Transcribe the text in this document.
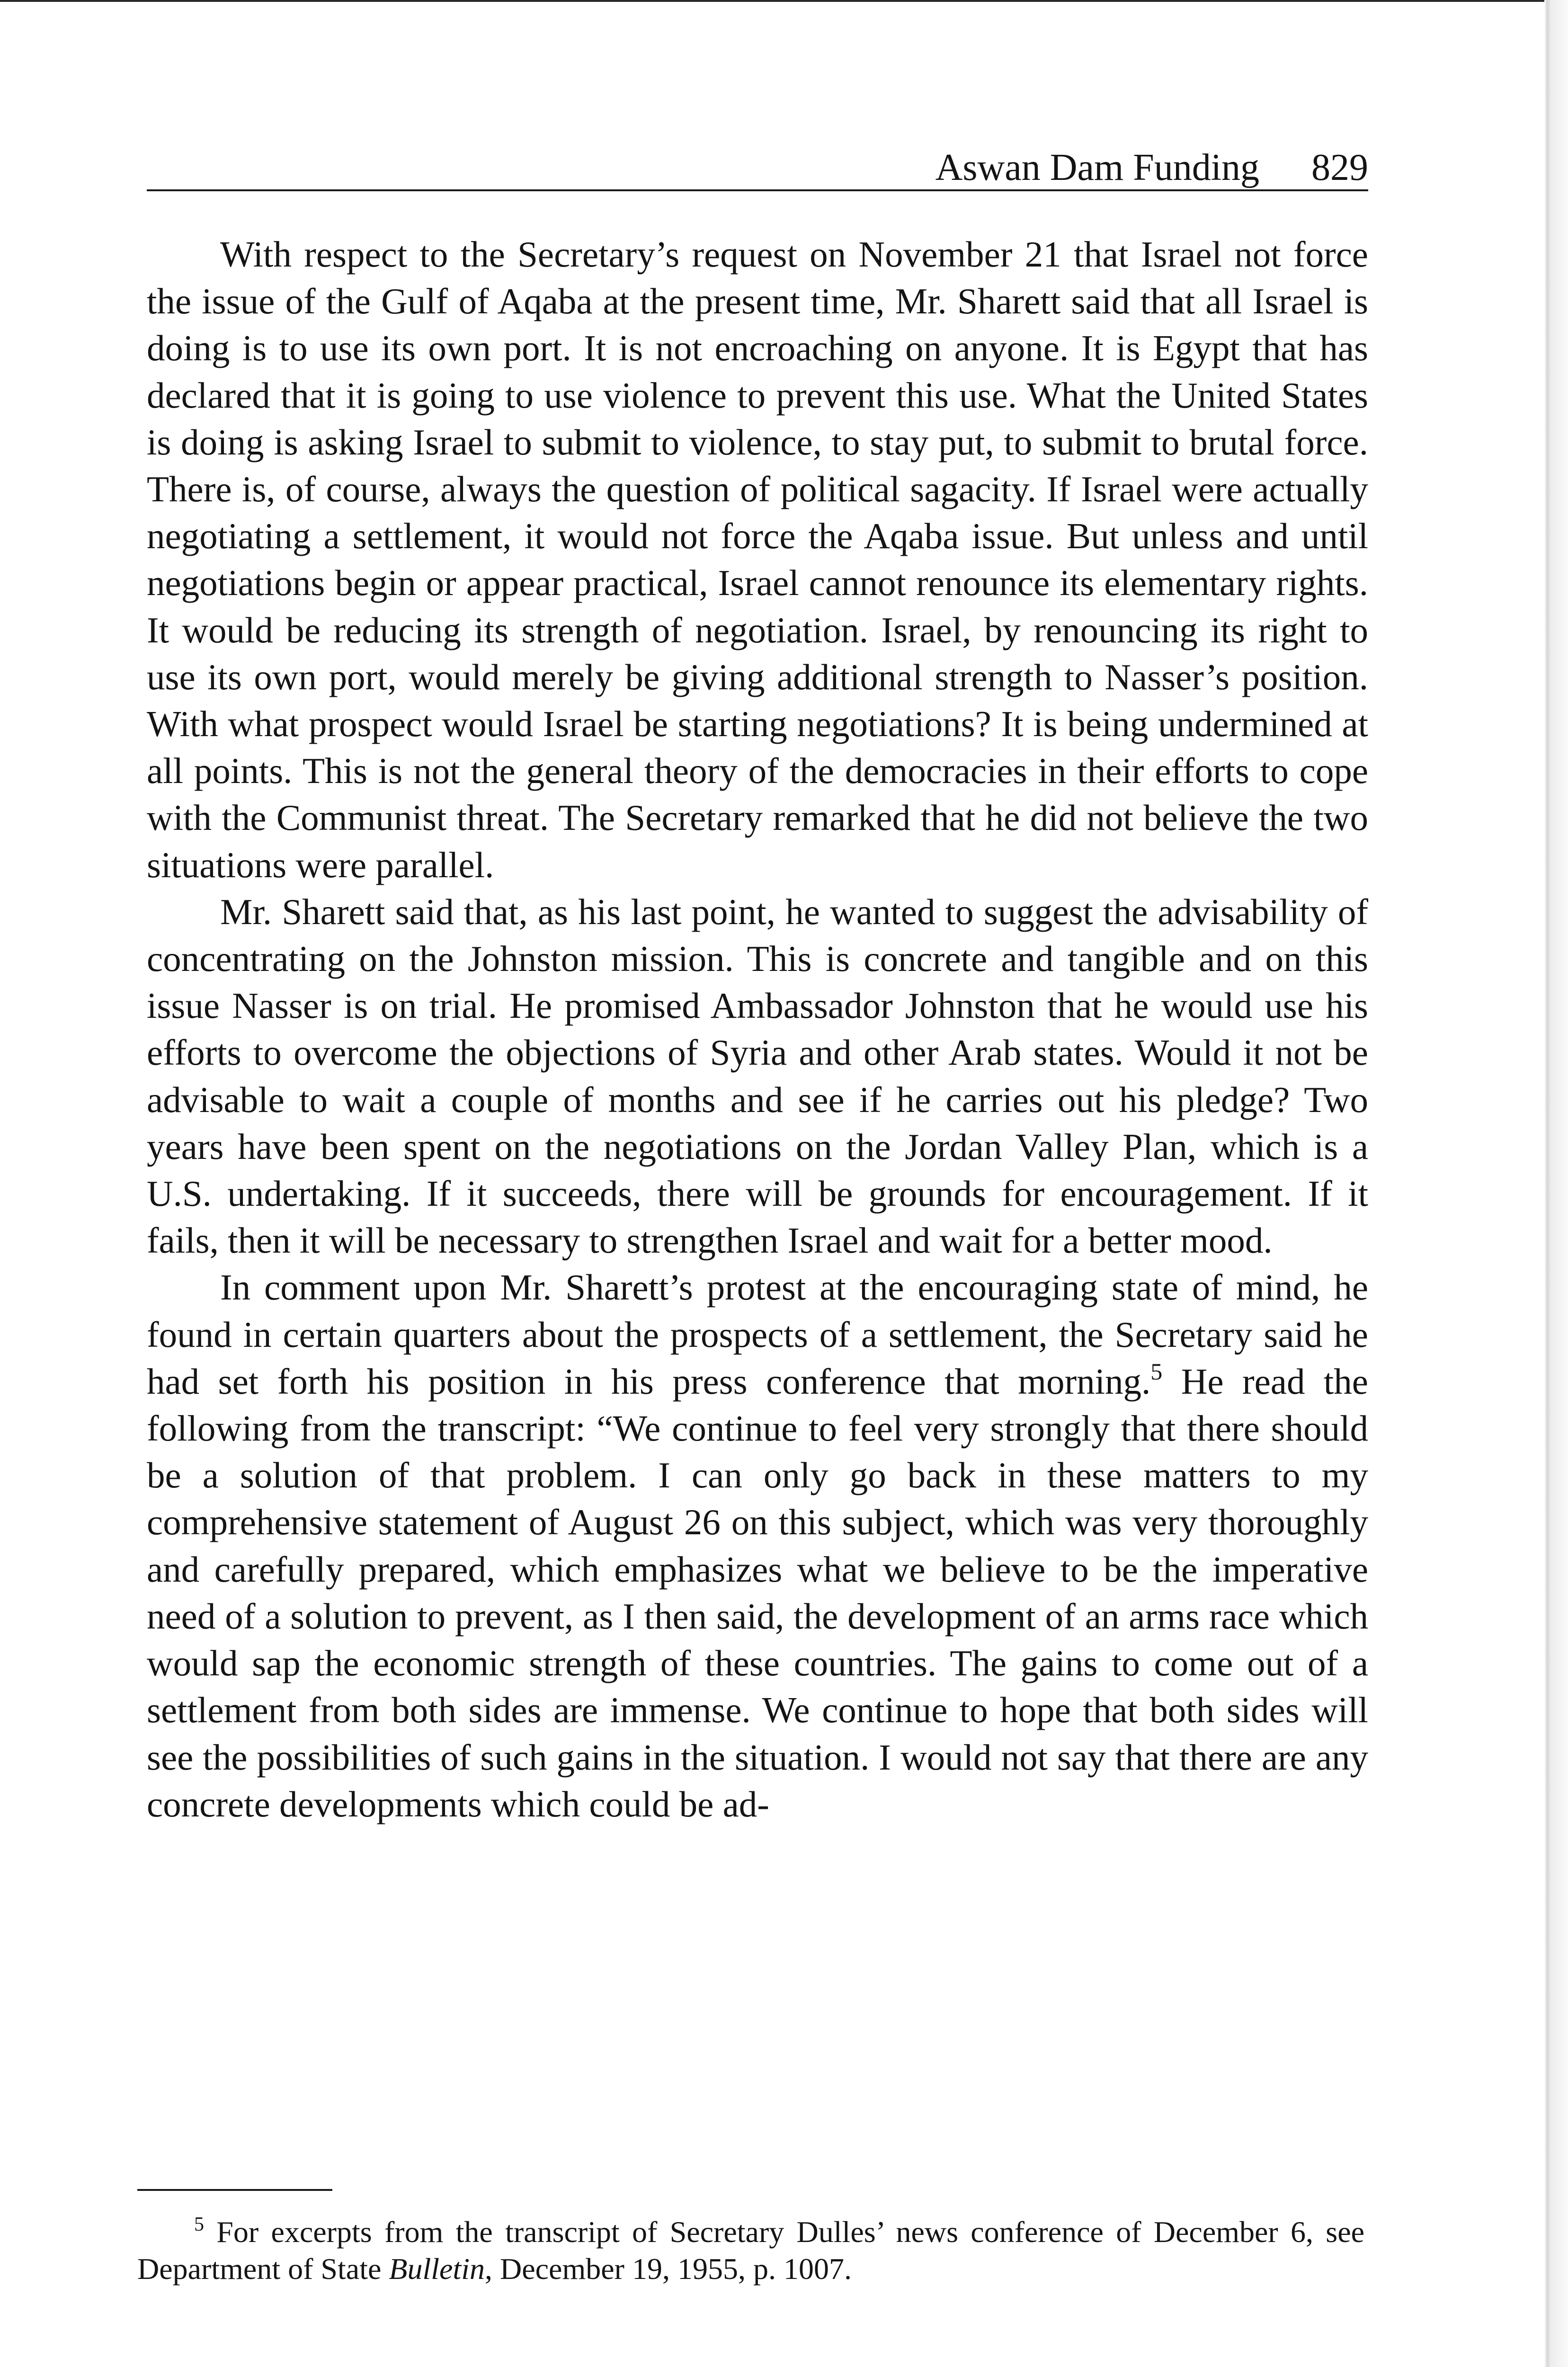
Aswan Dam Funding 829

With respect to the Secretary’s request on November 21 that Israel not force the issue of the Gulf of Aqaba at the present time, Mr. Sharett said that all Israel is doing is to use its own port. It is not encroaching on anyone. It is Egypt that has declared that it is going to use violence to prevent this use. What the United States is doing is asking Israel to submit to violence, to stay put, to submit to brutal force. There is, of course, always the question of political sagacity. If Israel were actually negotiating a settlement, it would not force the Aqaba issue. But unless and until negotiations begin or appear practical, Israel cannot renounce its elementary rights. It would be reducing its strength of negotiation. Israel, by renouncing its right to use its own port, would merely be giving additional strength to Nasser’s position. With what prospect would Israel be starting negotiations? It is being undermined at all points. This is not the general theory of the democracies in their efforts to cope with the Communist threat. The Secretary remarked that he did not believe the two situations were parallel.

Mr. Sharett said that, as his last point, he wanted to suggest the advisability of concentrating on the Johnston mission. This is concrete and tangible and on this issue Nasser is on trial. He promised Ambassador Johnston that he would use his efforts to overcome the objections of Syria and other Arab states. Would it not be advisable to wait a couple of months and see if he carries out his pledge? Two years have been spent on the negotiations on the Jordan Valley Plan, which is a U.S. undertaking. If it succeeds, there will be grounds for encouragement. If it fails, then it will be necessary to strengthen Israel and wait for a better mood.

In comment upon Mr. Sharett’s protest at the encouraging state of mind, he found in certain quarters about the prospects of a settlement, the Secretary said he had set forth his position in his press conference that morning.$^5$ He read the following from the transcript: “We continue to feel very strongly that there should be a solution of that problem. I can only go back in these matters to my comprehensive statement of August 26 on this subject, which was very thoroughly and carefully prepared, which emphasizes what we believe to be the imperative need of a solution to prevent, as I then said, the development of an arms race which would sap the economic strength of these countries. The gains to come out of a settlement from both sides are immense. We continue to hope that both sides will see the possibilities of such gains in the situation. I would not say that there are any concrete developments which could be ad-

$^5$ For excerpts from the transcript of Secretary Dulles’ news conference of December 6, see Department of State Bulletin, December 19, 1955, p. 1007.
